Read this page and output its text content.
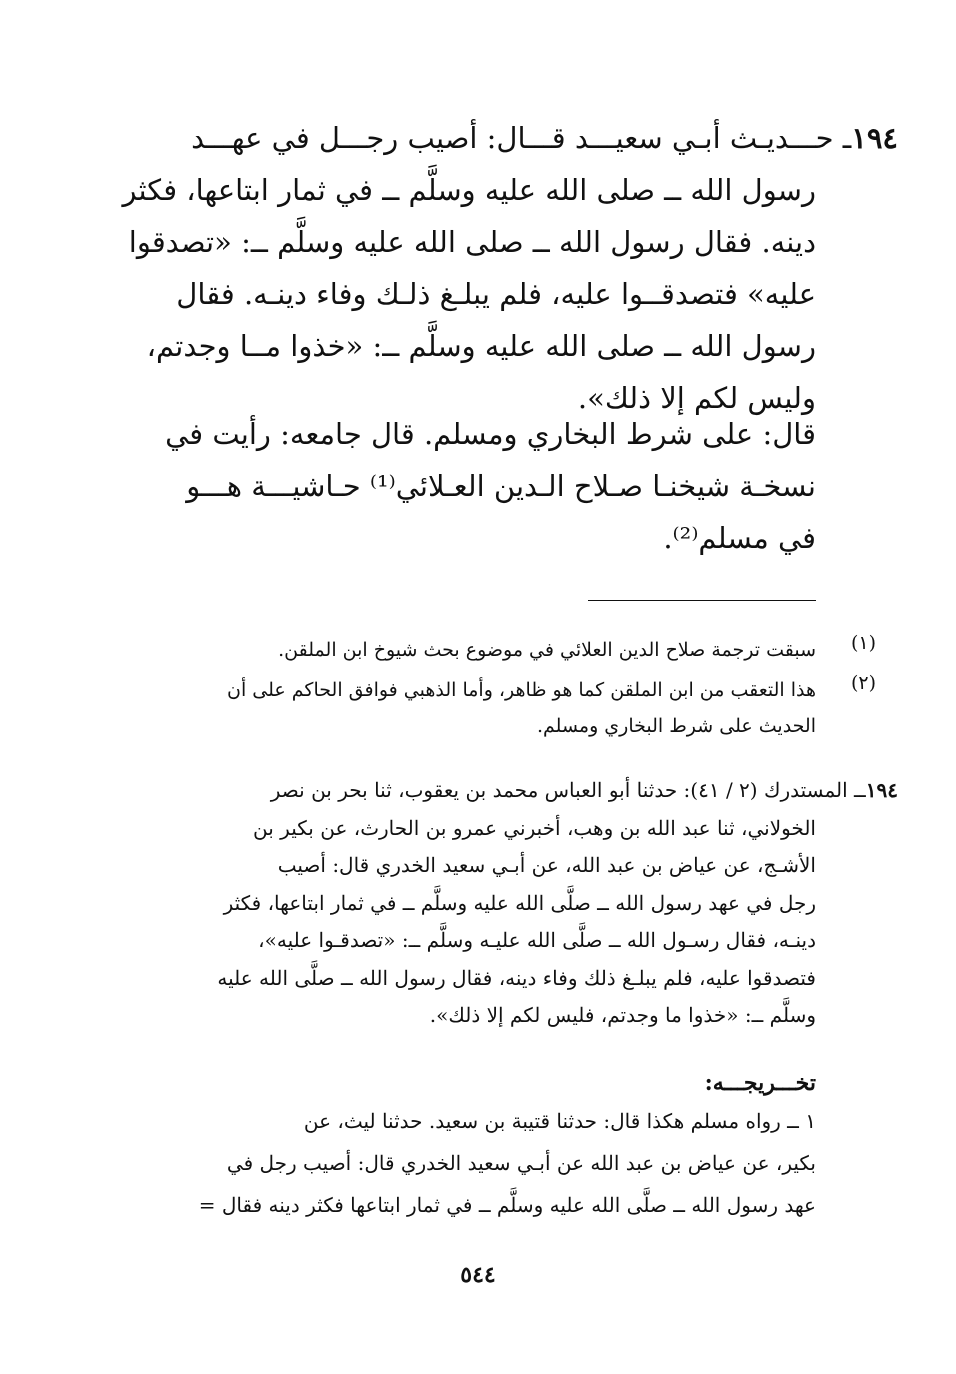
١٩٤ـ حـــديـث أبـي سعيـــد قـــال: أصيب رجـــل في عهـــد
رسول الله ــ صلى الله عليه وسلَّم ــ في ثمار ابتاعها، فكثر
دينه. فقال رسول الله ــ صلى الله عليه وسلَّم ــ: «تصدقوا
عليه» فتصدقــوا عليه، فلم يبلـغ ذلـك وفاء دينـه. فقال
رسول الله ــ صلى الله عليه وسلَّم ــ: «خذوا مــا وجدتم،
وليس لكم إلا ذلك».
قال: على شرط البخاري ومسلم. قال جامعه: رأيت في
نسخـة شيخنـا صـلاح الـدين العـلائي⁽¹⁾ حـاشيـــة هـــو
في مسلم⁽²⁾.
(١)
سبقت ترجمة صلاح الدين العلائي في موضوع بحث شيوخ ابن الملقن.
(٢)
هذا التعقب من ابن الملقن كما هو ظاهر، وأما الذهبي فوافق الحاكم على أن
الحديث على شرط البخاري ومسلم.
١٩٤ــ المستدرك (٢ / ٤١): حدثنا أبو العباس محمد بن يعقوب، ثنا بحر بن نصر
الخولاني، ثنا عبد الله بن وهب، أخبرني عمرو بن الحارث، عن بكير بن
الأشـج، عن عياض بن عبد الله، عن أبـي سعيد الخدري قال: أصيب
رجل في عهد رسول الله ــ صلَّى الله عليه وسلَّم ــ في ثمار ابتاعها، فكثر
دينـه، فقال رسـول الله ــ صلَّى الله عليـه وسلَّم ــ: «تصدقـوا عليه»،
فتصدقوا عليه، فلم يبلـغ ذلك وفاء دينه، فقال رسول الله ــ صلَّى الله عليه
وسلَّم ــ: «خذوا ما وجدتم، فليس لكم إلا ذلك».
تخـــريجـــه:
١ ــ رواه مسلم هكذا قال: حدثنا قتيبة بن سعيد. حدثنا ليث، عن
بكير، عن عياض بن عبد الله عن أبـي سعيد الخدري قال: أصيب رجل في
عهد رسول الله ــ صلَّى الله عليه وسلَّم ــ في ثمار ابتاعها فكثر دينه فقال =
٥٤٤
